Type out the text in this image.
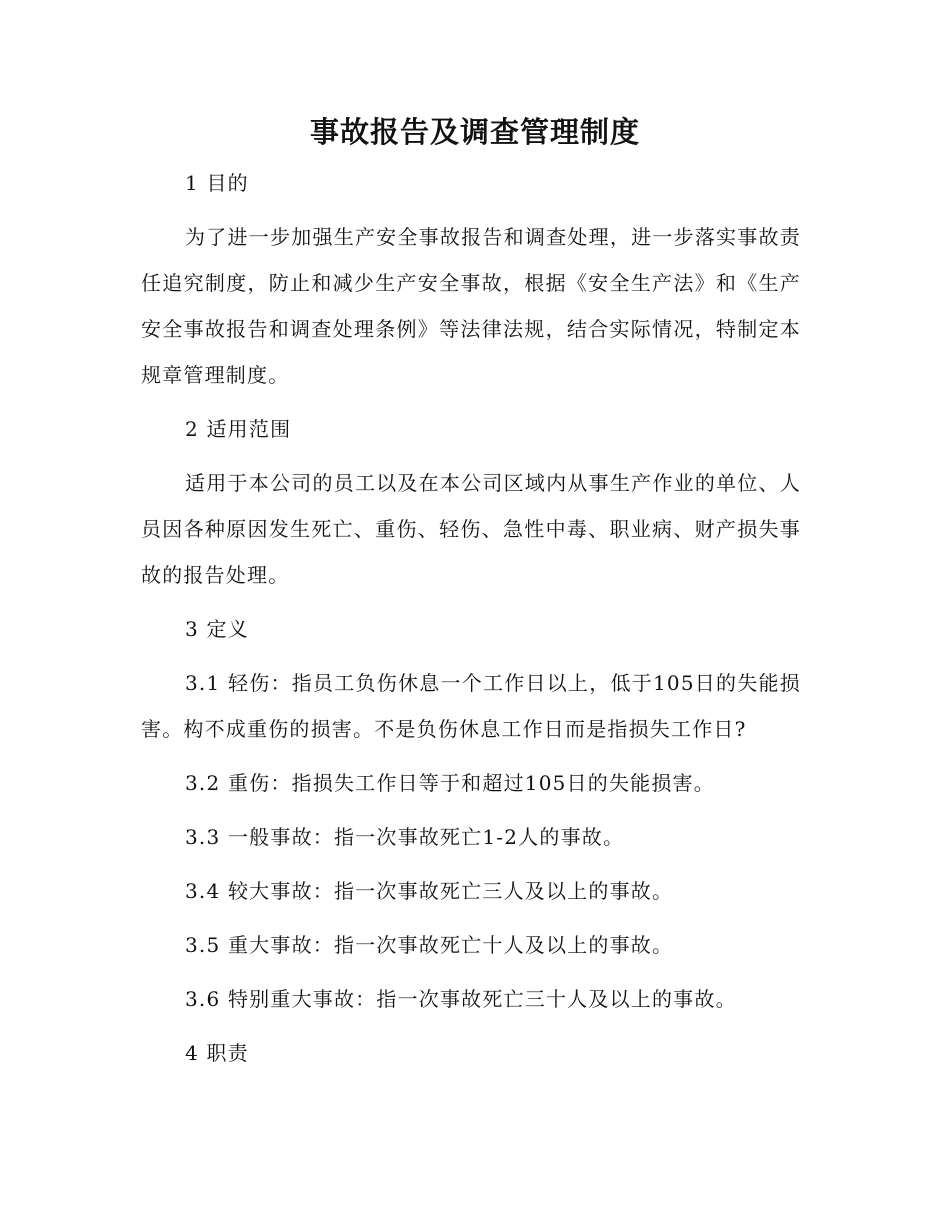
事故报告及调查管理制度

1 目的

为了进一步加强生产安全事故报告和调查处理，进一步落实事故责任追究制度，防止和减少生产安全事故，根据《安全生产法》和《生产安全事故报告和调查处理条例》等法律法规，结合实际情况，特制定本规章管理制度。

2 适用范围

适用于本公司的员工以及在本公司区域内从事生产作业的单位、人员因各种原因发生死亡、重伤、轻伤、急性中毒、职业病、财产损失事故的报告处理。

3 定义

3.1 轻伤：指员工负伤休息一个工作日以上，低于105日的失能损害。构不成重伤的损害。不是负伤休息工作日而是指损失工作日?

3.2 重伤：指损失工作日等于和超过105日的失能损害。

3.3 一般事故：指一次事故死亡1-2人的事故。

3.4 较大事故：指一次事故死亡三人及以上的事故。

3.5 重大事故：指一次事故死亡十人及以上的事故。

3.6 特别重大事故：指一次事故死亡三十人及以上的事故。

4 职责
